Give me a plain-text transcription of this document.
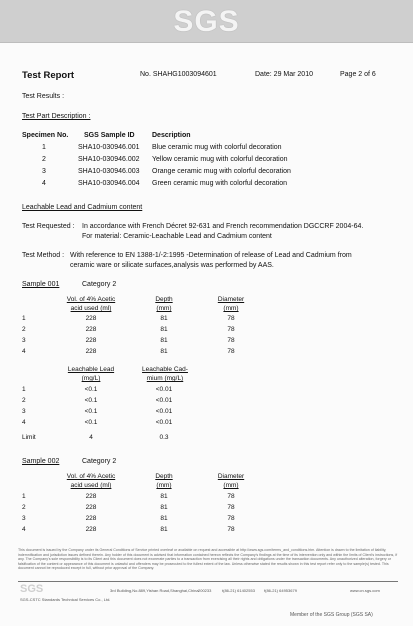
SGS
Test Report	No. SHAHG1003094601	Date: 29 Mar 2010	Page 2 of 6
Test Results :
Test Part Description :
Specimen No. SGS Sample ID Description
1	SHA10-030946.001 Blue ceramic mug with colorful decoration
2	SHA10-030946.002 Yellow ceramic mug with colorful decoration
3	SHA10-030946.003 Orange ceramic mug with colorful decoration
4	SHA10-030946.004 Green ceramic mug with colorful decoration
Leachable Lead and Cadmium content
Test Requested : In accordance with French Décret 92-631 and French recommendation DGCCRF 2004-64.
For material: Ceramic-Leachable Lead and Cadmium content
Test Method : With reference to EN 1388-1/-2:1995 -Determination of release of Lead and Cadmium from
ceramic ware or silicate surfaces,analysis was performed by AAS.
Sample 001	Category 2
Vol. of 4% Acetic
acid used (ml)
Depth
(mm)
Diameter
(mm)
1	228	81	78
2	228	81	78
3	228	81	78
4	228	81	78
Leachable Lead
(mg/L)
Leachable Cad-
mium (mg/L)
1	<0.1	<0.01
2	<0.1	<0.01
3	<0.1	<0.01
4	<0.1	<0.01
Limit	4	0.3
Sample 002	Category 2
Vol. of 4% Acetic
acid used (ml)
Depth
(mm)
Diameter
(mm)
1	228	81	78
2	228	81	78
3	228	81	78
4	228	81	78
This document is issued by the Company under its General Conditions of Service printed overleaf or available on request and accessible at http://www.sgs.com/terms_and_conditions.htm. Attention is drawn to the limitation of liability, indemnification and jurisdiction issues defined therein. Any holder of this document is advised that information contained hereon reflects the Company's findings at the time of its intervention only and within the limits of Client's instructions, if any. The Company's sole responsibility is to its Client and this document does not exonerate parties to a transaction from exercising all their rights and obligations under the transaction documents. Any unauthorized alteration, forgery or falsification of the content or appearance of this document is unlawful and offenders may be prosecuted to the fullest extent of the law. Unless otherwise stated the results shown in this test report refer only to the sample(s) tested. This document cannot be reproduced except in full, without prior approval of the Company.
SGS
SGS-CSTC Standards Technical Services Co., Ltd.
3rd Building,No.889,Yishan Road,Shanghai,China 200233	t(86-21) 61402553 f(86-21) 64953679	www.cn.sgs.com
Member of the SGS Group (SGS SA)
